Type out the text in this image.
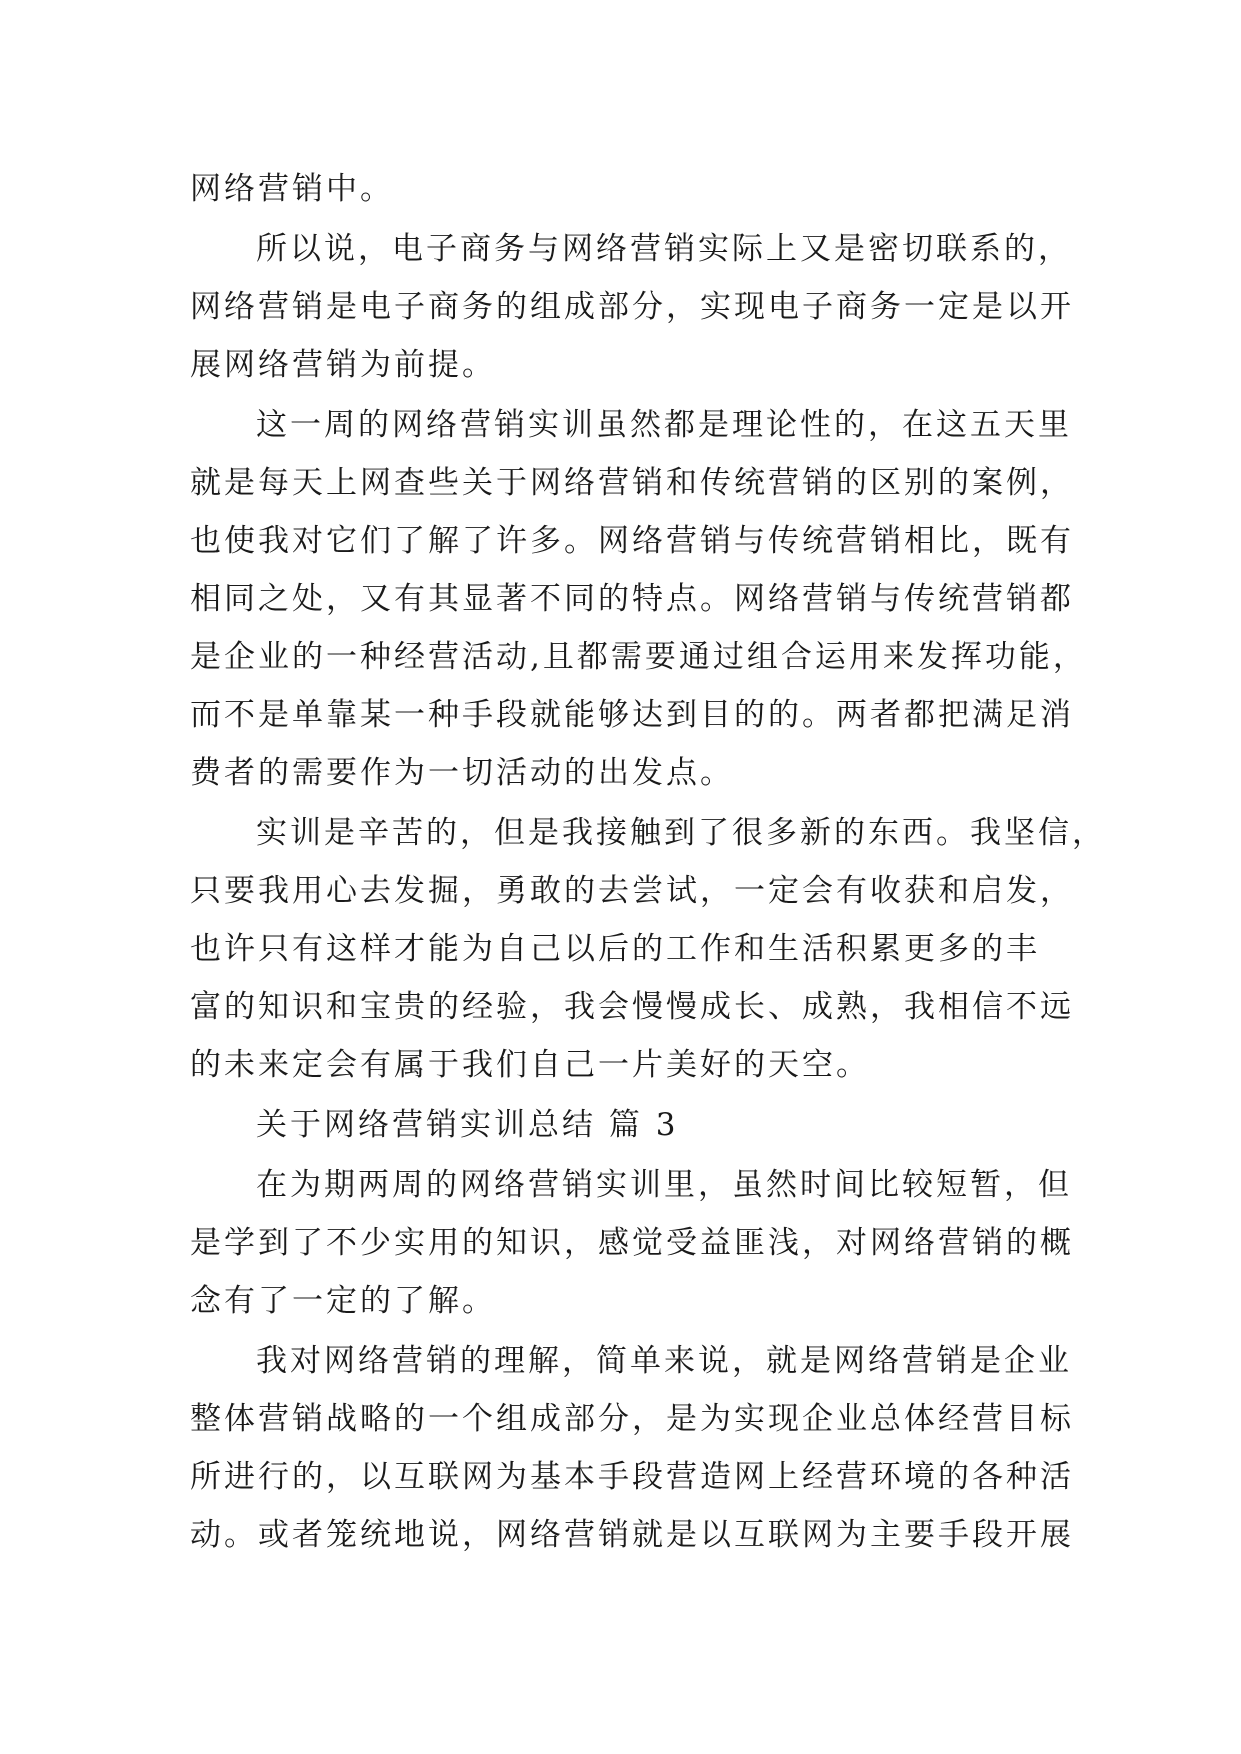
网络营销中。
所以说，电子商务与网络营销实际上又是密切联系的，
网络营销是电子商务的组成部分，实现电子商务一定是以开
展网络营销为前提。
这一周的网络营销实训虽然都是理论性的，在这五天里
就是每天上网查些关于网络营销和传统营销的区别的案例，
也使我对它们了解了许多。网络营销与传统营销相比，既有
相同之处，又有其显著不同的特点。网络营销与传统营销都
是企业的一种经营活动,且都需要通过组合运用来发挥功能，
而不是单靠某一种手段就能够达到目的的。两者都把满足消
费者的需要作为一切活动的出发点。
实训是辛苦的，但是我接触到了很多新的东西。我坚信，
只要我用心去发掘，勇敢的去尝试，一定会有收获和启发，
也许只有这样才能为自己以后的工作和生活积累更多的丰
富的知识和宝贵的经验，我会慢慢成长、成熟，我相信不远
的未来定会有属于我们自己一片美好的天空。
关于网络营销实训总结 篇 3
在为期两周的网络营销实训里，虽然时间比较短暂，但
是学到了不少实用的知识，感觉受益匪浅，对网络营销的概
念有了一定的了解。
我对网络营销的理解，简单来说，就是网络营销是企业
整体营销战略的一个组成部分，是为实现企业总体经营目标
所进行的，以互联网为基本手段营造网上经营环境的各种活
动。或者笼统地说，网络营销就是以互联网为主要手段开展
